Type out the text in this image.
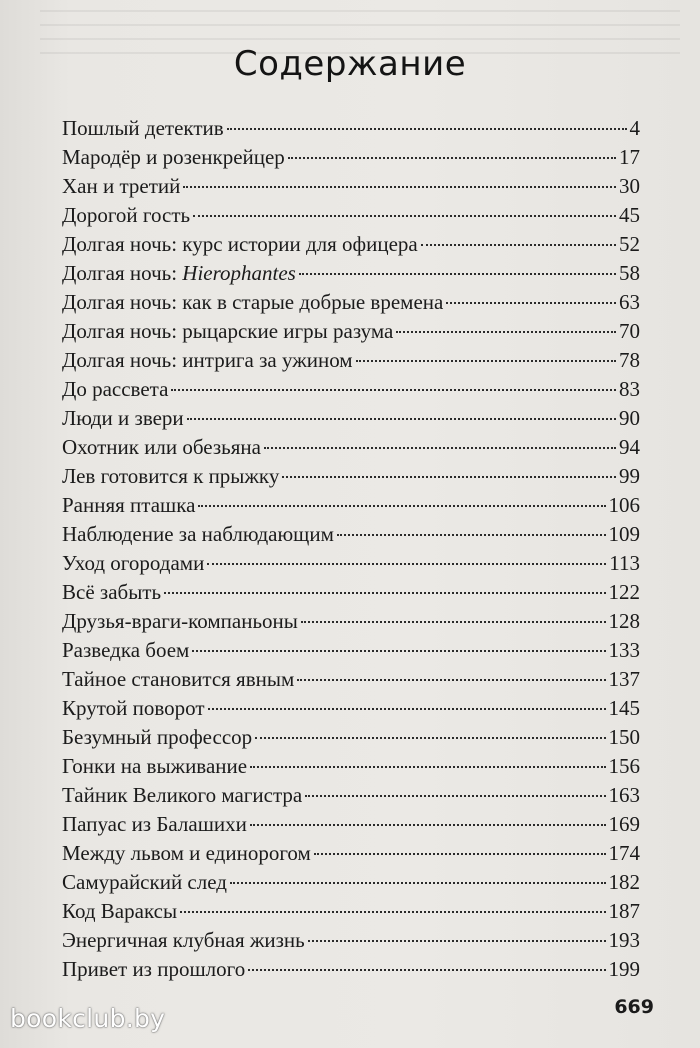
Содержание
Пошлый детектив	4
Мародёр и розенкрейцер	17
Хан и третий	30
Дорогой гость	45
Долгая ночь: курс истории для офицера	52
Долгая ночь: Hierophantes	58
Долгая ночь: как в старые добрые времена	63
Долгая ночь: рыцарские игры разума	70
Долгая ночь: интрига за ужином	78
До рассвета	83
Люди и звери	90
Охотник или обезьяна	94
Лев готовится к прыжку	99
Ранняя пташка	106
Наблюдение за наблюдающим	109
Уход огородами	113
Всё забыть	122
Друзья-враги-компаньоны	128
Разведка боем	133
Тайное становится явным	137
Крутой поворот	145
Безумный профессор	150
Гонки на выживание	156
Тайник Великого магистра	163
Папуас из Балашихи	169
Между львом и единорогом	174
Самурайский след	182
Код Вараксы	187
Энергичная клубная жизнь	193
Привет из прошлого	199
669
bookclub.by
